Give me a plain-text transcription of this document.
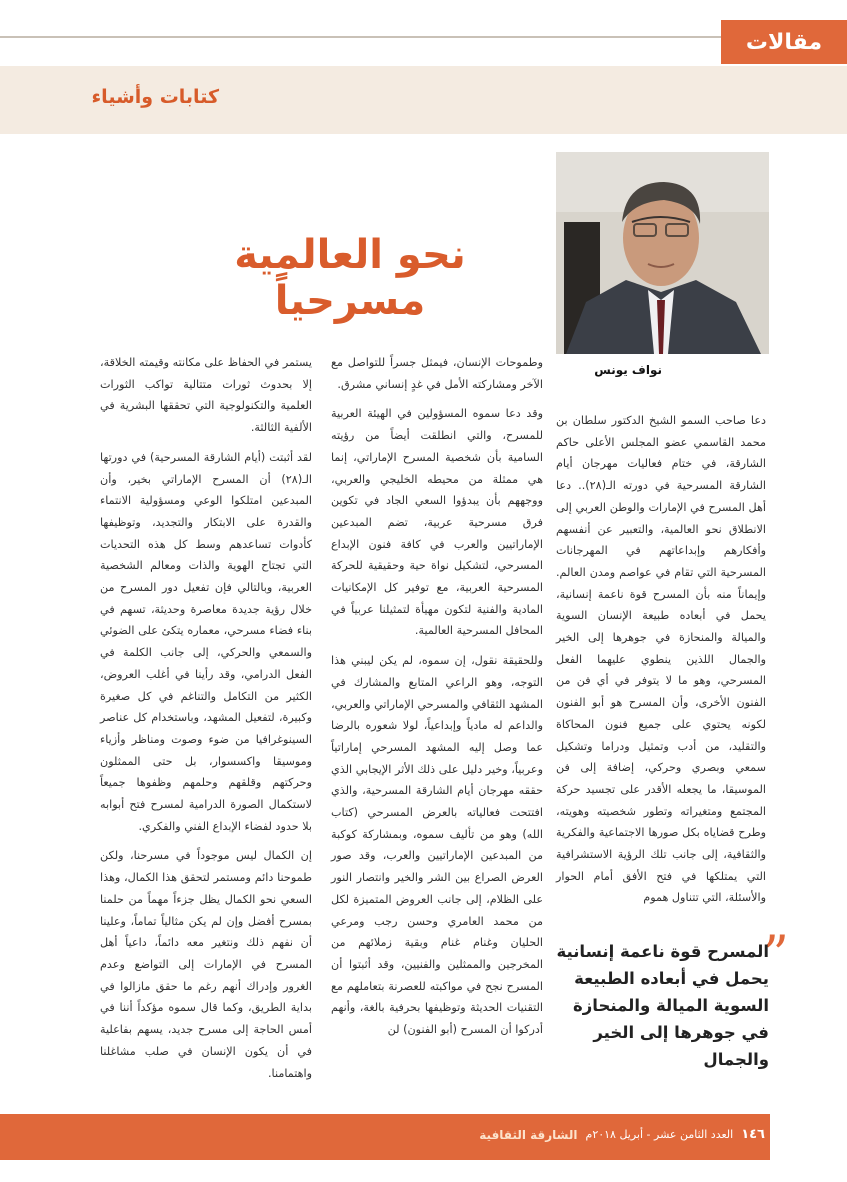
مقالات
كتابات وأشياء
نواف يونس
نحو العالمية مسرحياً

دعا صاحب السمو الشيخ الدكتور سلطان بن محمد القاسمي عضو المجلس الأعلى حاكم الشارقة، في ختام فعاليات مهرجان أيام الشارقة المسرحية في دورته الـ(٢٨).. دعا أهل المسرح في الإمارات والوطن العربي إلى الانطلاق نحو العالمية، والتعبير عن أنفسهم وأفكارهم وإبداعاتهم في المهرجانات المسرحية التي تقام في عواصم ومدن العالم. وإيماناً منه بأن المسرح قوة ناعمة إنسانية، يحمل في أبعاده طبيعة الإنسان السوية والميالة والمنحازة في جوهرها إلى الخير والجمال اللذين ينطوي عليهما الفعل المسرحي، وهو ما لا يتوفر في أي فن من الفنون الأخرى، وأن المسرح هو أبو الفنون لكونه يحتوي على جميع فنون المحاكاة والتقليد، من أدب وتمثيل ودراما وتشكيل سمعي وبصري وحركي، إضافة إلى فن الموسيقا، ما يجعله الأقدر على تجسيد حركة المجتمع ومتغيراته وتطور شخصيته وهويته، وطرح قضاياه بكل صورها الاجتماعية والفكرية والثقافية، إلى جانب تلك الرؤية الاستشرافية التي يمتلكها في فتح الأفق أمام الحوار والأسئلة، التي تتناول هموم

وطموحات الإنسان، فيمثل جسراً للتواصل مع الآخر ومشاركته الأمل في غدٍ إنساني مشرق.

وقد دعا سموه المسؤولين في الهيئة العربية للمسرح، والتي انطلقت أيضاً من رؤيته السامية بأن شخصية المسرح الإماراتي، إنما هي ممثلة من محيطه الخليجي والعربي، ووجههم بأن يبدؤوا السعي الجاد في تكوين فرق مسرحية عربية، تضم المبدعين الإماراتيين والعرب في كافة فنون الإبداع المسرحي، لتشكيل نواة حية وحقيقية للحركة المسرحية العربية، مع توفير كل الإمكانيات المادية والفنية لتكون مهيأة لتمثيلنا عربياً في المحافل المسرحية العالمية.

وللحقيقة نقول، إن سموه، لم يكن ليبني هذا التوجه، وهو الراعي المتابع والمشارك في المشهد الثقافي والمسرحي الإماراتي والعربي، والداعم له مادياً وإبداعياً، لولا شعوره بالرضا عما وصل إليه المشهد المسرحي إماراتياً وعربياً، وخير دليل على ذلك الأثر الإيجابي الذي حققه مهرجان أيام الشارقة المسرحية، والذي افتتحت فعالياته بالعرض المسرحي (كتاب الله) وهو من تأليف سموه، وبمشاركة كوكبة من المبدعين الإماراتيين والعرب، وقد صور العرض الصراع بين الشر والخير وانتصار النور على الظلام، إلى جانب العروض المتميزة لكل من محمد العامري وحسن رجب ومرعي الحليان وغنام غنام وبقية زملائهم من المخرجين والممثلين والفنيين، وقد أثبتوا أن المسرح نجح في مواكبته للعصرنة بتعاملهم مع التقنيات الحديثة وتوظيفها بحرفية بالغة، وأنهم أدركوا أن المسرح (أبو الفنون) لن

يستمر في الحفاظ على مكانته وقيمته الخلاقة، إلا بحدوث ثورات متتالية تواكب الثورات العلمية والتكنولوجية التي تحققها البشرية في الألفية الثالثة.

لقد أثبتت (أيام الشارقة المسرحية) في دورتها الـ(٢٨) أن المسرح الإماراتي بخير، وأن المبدعين امتلكوا الوعي ومسؤولية الانتماء والقدرة على الابتكار والتجديد، وتوظيفها كأدوات تساعدهم وسط كل هذه التحديات التي تجتاح الهوية والذات ومعالم الشخصية العربية، وبالتالي فإن تفعيل دور المسرح من خلال رؤية جديدة معاصرة وحديثة، تسهم في بناء فضاء مسرحي، معماره يتكئ على الضوئي والسمعي والحركي، إلى جانب الكلمة في الفعل الدرامي، وقد رأينا في أغلب العروض، الكثير من التكامل والتناغم في كل صغيرة وكبيرة، لتفعيل المشهد، وباستخدام كل عناصر السينوغرافيا من ضوء وصوت ومناظر وأزياء وموسيقا واكسسوار، بل حتى الممثلون وحركتهم وقلقهم وحلمهم وظفوها جميعاً لاستكمال الصورة الدرامية لمسرح فتح أبوابه بلا حدود لفضاء الإبداع الفني والفكري.

إن الكمال ليس موجوداً في مسرحنا، ولكن طموحنا دائم ومستمر لتحقق هذا الكمال، وهذا السعي نحو الكمال يظل جزءاً مهماً من حلمنا بمسرح أفضل وإن لم يكن مثالياً تماماً، وعلينا أن نفهم ذلك ونتغير معه دائماً، داعياً أهل المسرح في الإمارات إلى التواضع وعدم الغرور وإدراك أنهم رغم ما حقق مازالوا في بداية الطريق، وكما قال سموه مؤكداً أننا في أمس الحاجة إلى مسرح جديد، يسهم بفاعلية في أن يكون الإنسان في صلب مشاغلنا واهتمامنا.

”
المسرح قوة ناعمة إنسانية يحمل في أبعاده الطبيعة السوية الميالة والمنحازة في جوهرها إلى الخير والجمال
١٤٦
العدد الثامن عشر - أبريل ٢٠١٨م
الشارقة الثقافية
